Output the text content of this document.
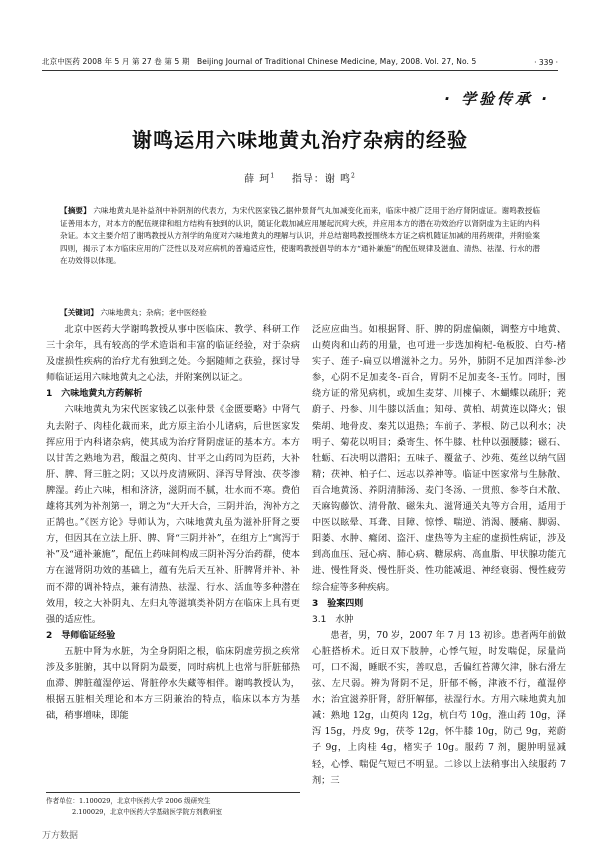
北京中医药 2008 年 5 月 第 27 卷 第 5 期　Beijing Journal of Traditional Chinese Medicine, May, 2008. Vol. 27, No. 5	· 339 ·
· 学验传承 ·
谢鸣运用六味地黄丸治疗杂病的经验
薛 珂$^1$ 指导：谢 鸣$^2$
【摘要】 六味地黄丸是补益剂中补阴剂的代表方，为宋代医家钱乙据仲景肾气丸加减变化而来，临床中被广泛用于治疗肾阴虚证。谢鸣教授临证善用本方，对本方的配伍规律和组方结构有独到的认识，随证化载加减应用屡起沉疴大疾，并应用本方的潜在功效治疗以肾阴虚为主证的内科杂证。本文主要介绍了谢鸣教授从方剂学的角度对六味地黄丸的理解与认识，并总结谢鸣教授围绕本方证之病机随证加减的用药规律，并附验案四则，揭示了本方临床应用的广泛性以及对应病机的普遍适应性，使谢鸣教授倡导的本方“通补兼施”的配伍规律及滋血、清热、祛湿、行水的潜在功效得以体现。
【关键词】 六味地黄丸；杂病；老中医经验

北京中医药大学谢鸣教授从事中医临床、教学、科研工作三十余年，具有较高的学术造诣和丰富的临证经验，对于杂病及虚损性疾病的治疗尤有独到之处。今据随师之获验，探讨导师临证运用六味地黄丸之心法，并附案例以证之。

1　六味地黄丸方药解析

六味地黄丸为宋代医家钱乙以张仲景《金匮要略》中肾气丸去附子、肉桂化裁而来，此方原主治小儿诸病，后世医家发挥应用于内科诸杂病，使其成为治疗肾阴虚证的基本方。本方以甘苦之熟地为君，酸温之萸肉、甘平之山药同为臣药，大补肝、脾、肾三脏之阴；又以丹皮清厥阴、泽泻导肾浊、茯苓渗脾湿。药止六味，相和济济，滋阴而不腻，壮水而不寒。费伯雄将其列为补剂第一，谓之为“大开大合，三阴并治，洵补方之正鹄也。”《医方论》导师认为，六味地黄丸虽为滋补肝肾之要方，但因其在立法上肝、脾、肾“三阴并补”，在组方上“寓泻于补”及“通补兼施”，配伍上药味间构成三阴补泻分治药群，使本方在滋肾阴功效的基础上，蕴有先后天互补、肝脾肾并补、补而不滞的调补特点，兼有清热、祛湿、行水、活血等多种潜在效用，较之大补阴丸、左归丸等滋填类补阴方在临床上具有更强的适应性。

2　导师临证经验

五脏中肾为水脏，为全身阴阳之根，临床阴虚劳损之疾常涉及多脏腑，其中以肾阴为最要，同时病机上也常与肝脏郁热血滞、脾脏蕴湿停运、肾脏停水失藏等相伴。谢鸣教授认为，根据五脏相关理论和本方三阴兼治的特点，临床以本方为基础，稍事增味，即能

泛应应曲当。如根据肾、肝、脾的阴虚偏颇，调整方中地黄、山萸肉和山药的用量，也可进一步选加枸杞-龟板胶、白芍-楮实子、莲子-扁豆以增滋补之力。另外，肺阴不足加西洋参-沙参，心阴不足加麦冬-百合，胃阴不足加麦冬-玉竹。同时，围绕方证的常见病机，或加生麦芽、川楝子、木蝴蝶以疏肝；茺蔚子、丹参、川牛膝以活血；知母、黄柏、胡黄连以降火；银柴胡、地骨皮、秦艽以退热；车前子、茅根、防己以利水；决明子、菊花以明目；桑寄生、怀牛膝、杜仲以强腰膝；磁石、牡蛎、石决明以潜阳；五味子、覆盆子、沙苑、菟丝以纳气固精；茯神、柏子仁、远志以养神等。临证中医家常与生脉散、百合地黄汤、养阴清肺汤、麦门冬汤、一贯煎、参苓白术散、天麻钩藤饮、清骨散、磁朱丸、滋肾通关丸等方合用，适用于中医以眩晕、耳聋、目障、惊悸、喘逆、消渴、腰痛、脚弱、阳萎、水肿、癃闭、盗汗、虚热等为主症的虚损性病证，涉及到高血压、冠心病、肺心病、糖尿病、高血脂、甲状腺功能亢进、慢性肾炎、慢性肝炎、性功能减退、神经衰弱、慢性疲劳综合症等多种疾病。

3　验案四则

3.1　水肿

患者，男，70 岁，2007 年 7 月 13 初诊。患者两年前做心脏搭桥术。近日双下肢肿，心悸气短，时发喘促，尿量尚可，口不渴，睡眠不实，善叹息，舌偏红苔薄欠津，脉右滑左弦、左尺弱。辨为肾阴不足，肝郁不畅，津液不行，蕴湿停水；治宜滋养肝肾，舒肝解郁，祛湿行水。方用六味地黄丸加减：熟地 12g，山萸肉 12g，杭白芍 10g，淮山药 10g，泽泻 15g，丹皮 9g，茯苓 12g，怀牛膝 10g，防己 9g，茺蔚子 9g，上肉桂 4g，楮实子 10g。服药 7 剂，腿肿明显减轻，心悸、喘促气短已不明显。二诊以上法稍事出入续服药 7 剂；三

作者单位：1.100029，北京中医药大学 2006 级研究生
2.100029，北京中医药大学基础医学院方剂教研室
万方数据
